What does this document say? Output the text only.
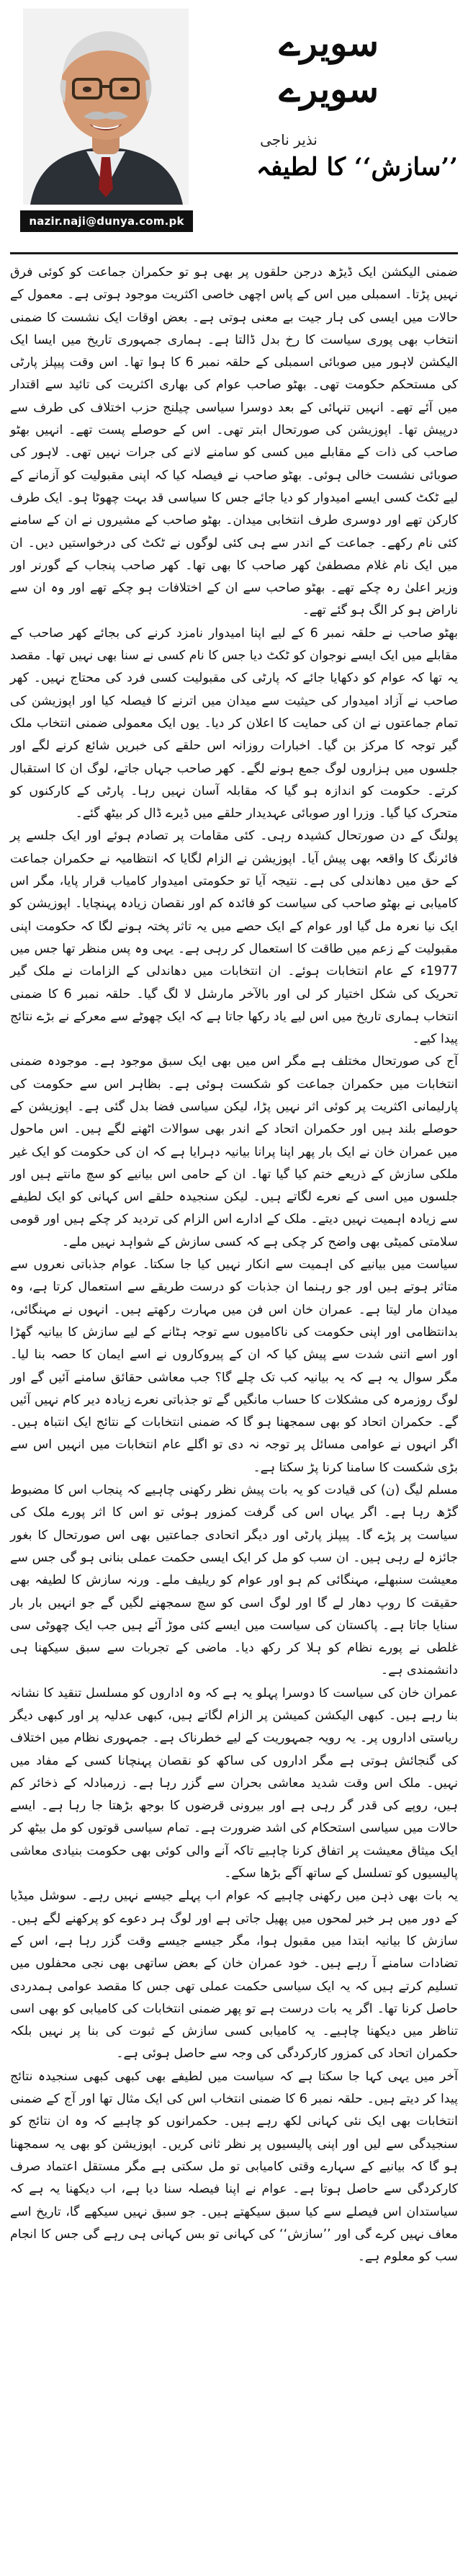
nazir.naji@dunya.com.pk
سویرے
سویرے
نذیر ناجی
’’سازش‘‘ کا لطیفہ

ضمنی الیکشن ایک ڈیڑھ درجن حلقوں پر بھی ہو تو حکمران جماعت کو کوئی فرق نہیں پڑتا۔ اسمبلی میں اس کے پاس اچھی خاصی اکثریت موجود ہوتی ہے۔ معمول کے حالات میں ایسی کی ہار جیت بے معنی ہوتی ہے۔ بعض اوقات ایک نشست کا ضمنی انتخاب بھی پوری سیاست کا رخ بدل ڈالتا ہے۔ ہماری جمہوری تاریخ میں ایسا ایک الیکشن لاہور میں صوبائی اسمبلی کے حلقہ نمبر 6 کا ہوا تھا۔ اس وقت پیپلز پارٹی کی مستحکم حکومت تھی۔ بھٹو صاحب عوام کی بھاری اکثریت کی تائید سے اقتدار میں آئے تھے۔ انہیں تنہائی کے بعد دوسرا سیاسی چیلنج حزب اختلاف کی طرف سے درپیش تھا۔ اپوزیشن کی صورتحال ابتر تھی۔ اس کے حوصلے پست تھے۔ انہیں بھٹو صاحب کی ذات کے مقابلے میں کسی کو سامنے لانے کی جرات نہیں تھی۔ لاہور کی صوبائی نشست خالی ہوئی۔ بھٹو صاحب نے فیصلہ کیا کہ اپنی مقبولیت کو آزمانے کے لیے ٹکٹ کسی ایسے امیدوار کو دیا جائے جس کا سیاسی قد بہت چھوٹا ہو۔ ایک طرف کارکن تھے اور دوسری طرف انتخابی میدان۔ بھٹو صاحب کے مشیروں نے ان کے سامنے کئی نام رکھے۔ جماعت کے اندر سے ہی کئی لوگوں نے ٹکٹ کی درخواستیں دیں۔ ان میں ایک نام غلام مصطفیٰ کھر صاحب کا بھی تھا۔ کھر صاحب پنجاب کے گورنر اور وزیر اعلیٰ رہ چکے تھے۔ بھٹو صاحب سے ان کے اختلافات ہو چکے تھے اور وہ ان سے ناراض ہو کر الگ ہو گئے تھے۔

بھٹو صاحب نے حلقہ نمبر 6 کے لیے اپنا امیدوار نامزد کرنے کی بجائے کھر صاحب کے مقابلے میں ایک ایسے نوجوان کو ٹکٹ دیا جس کا نام کسی نے سنا بھی نہیں تھا۔ مقصد یہ تھا کہ عوام کو دکھایا جائے کہ پارٹی کی مقبولیت کسی فرد کی محتاج نہیں۔ کھر صاحب نے آزاد امیدوار کی حیثیت سے میدان میں اترنے کا فیصلہ کیا اور اپوزیشن کی تمام جماعتوں نے ان کی حمایت کا اعلان کر دیا۔ یوں ایک معمولی ضمنی انتخاب ملک گیر توجہ کا مرکز بن گیا۔ اخبارات روزانہ اس حلقے کی خبریں شائع کرنے لگے اور جلسوں میں ہزاروں لوگ جمع ہونے لگے۔ کھر صاحب جہاں جاتے، لوگ ان کا استقبال کرتے۔ حکومت کو اندازہ ہو گیا کہ مقابلہ آسان نہیں رہا۔ پارٹی کے کارکنوں کو متحرک کیا گیا۔ وزرا اور صوبائی عہدیدار حلقے میں ڈیرے ڈال کر بیٹھ گئے۔

پولنگ کے دن صورتحال کشیدہ رہی۔ کئی مقامات پر تصادم ہوئے اور ایک جلسے پر فائرنگ کا واقعہ بھی پیش آیا۔ اپوزیشن نے الزام لگایا کہ انتظامیہ نے حکمران جماعت کے حق میں دھاندلی کی ہے۔ نتیجہ آیا تو حکومتی امیدوار کامیاب قرار پایا، مگر اس کامیابی نے بھٹو صاحب کی سیاست کو فائدہ کم اور نقصان زیادہ پہنچایا۔ اپوزیشن کو ایک نیا نعرہ مل گیا اور عوام کے ایک حصے میں یہ تاثر پختہ ہونے لگا کہ حکومت اپنی مقبولیت کے زعم میں طاقت کا استعمال کر رہی ہے۔ یہی وہ پس منظر تھا جس میں 1977ء کے عام انتخابات ہوئے۔ ان انتخابات میں دھاندلی کے الزامات نے ملک گیر تحریک کی شکل اختیار کر لی اور بالآخر مارشل لا لگ گیا۔ حلقہ نمبر 6 کا ضمنی انتخاب ہماری تاریخ میں اس لیے یاد رکھا جاتا ہے کہ ایک چھوٹے سے معرکے نے بڑے نتائج پیدا کیے۔

آج کی صورتحال مختلف ہے مگر اس میں بھی ایک سبق موجود ہے۔ موجودہ ضمنی انتخابات میں حکمران جماعت کو شکست ہوئی ہے۔ بظاہر اس سے حکومت کی پارلیمانی اکثریت پر کوئی اثر نہیں پڑا، لیکن سیاسی فضا بدل گئی ہے۔ اپوزیشن کے حوصلے بلند ہیں اور حکمران اتحاد کے اندر بھی سوالات اٹھنے لگے ہیں۔ اس ماحول میں عمران خان نے ایک بار پھر اپنا پرانا بیانیہ دہرایا ہے کہ ان کی حکومت کو ایک غیر ملکی سازش کے ذریعے ختم کیا گیا تھا۔ ان کے حامی اس بیانیے کو سچ مانتے ہیں اور جلسوں میں اسی کے نعرے لگاتے ہیں۔ لیکن سنجیدہ حلقے اس کہانی کو ایک لطیفے سے زیادہ اہمیت نہیں دیتے۔ ملک کے ادارے اس الزام کی تردید کر چکے ہیں اور قومی سلامتی کمیٹی بھی واضح کر چکی ہے کہ کسی سازش کے شواہد نہیں ملے۔

سیاست میں بیانیے کی اہمیت سے انکار نہیں کیا جا سکتا۔ عوام جذباتی نعروں سے متاثر ہوتے ہیں اور جو رہنما ان جذبات کو درست طریقے سے استعمال کرتا ہے، وہ میدان مار لیتا ہے۔ عمران خان اس فن میں مہارت رکھتے ہیں۔ انہوں نے مہنگائی، بدانتظامی اور اپنی حکومت کی ناکامیوں سے توجہ ہٹانے کے لیے سازش کا بیانیہ گھڑا اور اسے اتنی شدت سے پیش کیا کہ ان کے پیروکاروں نے اسے ایمان کا حصہ بنا لیا۔ مگر سوال یہ ہے کہ یہ بیانیہ کب تک چلے گا؟ جب معاشی حقائق سامنے آئیں گے اور لوگ روزمرہ کی مشکلات کا حساب مانگیں گے تو جذباتی نعرے زیادہ دیر کام نہیں آئیں گے۔ حکمران اتحاد کو بھی سمجھنا ہو گا کہ ضمنی انتخابات کے نتائج ایک انتباہ ہیں۔ اگر انہوں نے عوامی مسائل پر توجہ نہ دی تو اگلے عام انتخابات میں انہیں اس سے بڑی شکست کا سامنا کرنا پڑ سکتا ہے۔

مسلم لیگ (ن) کی قیادت کو یہ بات پیش نظر رکھنی چاہیے کہ پنجاب اس کا مضبوط گڑھ رہا ہے۔ اگر یہاں اس کی گرفت کمزور ہوئی تو اس کا اثر پورے ملک کی سیاست پر پڑے گا۔ پیپلز پارٹی اور دیگر اتحادی جماعتیں بھی اس صورتحال کا بغور جائزہ لے رہی ہیں۔ ان سب کو مل کر ایک ایسی حکمت عملی بنانی ہو گی جس سے معیشت سنبھلے، مہنگائی کم ہو اور عوام کو ریلیف ملے۔ ورنہ سازش کا لطیفہ بھی حقیقت کا روپ دھار لے گا اور لوگ اسی کو سچ سمجھنے لگیں گے جو انہیں بار بار سنایا جاتا ہے۔ پاکستان کی سیاست میں ایسے کئی موڑ آئے ہیں جب ایک چھوٹی سی غلطی نے پورے نظام کو ہلا کر رکھ دیا۔ ماضی کے تجربات سے سبق سیکھنا ہی دانشمندی ہے۔

عمران خان کی سیاست کا دوسرا پہلو یہ ہے کہ وہ اداروں کو مسلسل تنقید کا نشانہ بنا رہے ہیں۔ کبھی الیکشن کمیشن پر الزام لگاتے ہیں، کبھی عدلیہ پر اور کبھی دیگر ریاستی اداروں پر۔ یہ رویہ جمہوریت کے لیے خطرناک ہے۔ جمہوری نظام میں اختلاف کی گنجائش ہوتی ہے مگر اداروں کی ساکھ کو نقصان پہنچانا کسی کے مفاد میں نہیں۔ ملک اس وقت شدید معاشی بحران سے گزر رہا ہے۔ زرمبادلہ کے ذخائر کم ہیں، روپے کی قدر گر رہی ہے اور بیرونی قرضوں کا بوجھ بڑھتا جا رہا ہے۔ ایسے حالات میں سیاسی استحکام کی اشد ضرورت ہے۔ تمام سیاسی قوتوں کو مل بیٹھ کر ایک میثاق معیشت پر اتفاق کرنا چاہیے تاکہ آنے والی کوئی بھی حکومت بنیادی معاشی پالیسیوں کو تسلسل کے ساتھ آگے بڑھا سکے۔

یہ بات بھی ذہن میں رکھنی چاہیے کہ عوام اب پہلے جیسے نہیں رہے۔ سوشل میڈیا کے دور میں ہر خبر لمحوں میں پھیل جاتی ہے اور لوگ ہر دعوے کو پرکھنے لگے ہیں۔ سازش کا بیانیہ ابتدا میں مقبول ہوا، مگر جیسے جیسے وقت گزر رہا ہے، اس کے تضادات سامنے آ رہے ہیں۔ خود عمران خان کے بعض ساتھی بھی نجی محفلوں میں تسلیم کرتے ہیں کہ یہ ایک سیاسی حکمت عملی تھی جس کا مقصد عوامی ہمدردی حاصل کرنا تھا۔ اگر یہ بات درست ہے تو پھر ضمنی انتخابات کی کامیابی کو بھی اسی تناظر میں دیکھنا چاہیے۔ یہ کامیابی کسی سازش کے ثبوت کی بنا پر نہیں بلکہ حکمران اتحاد کی کمزور کارکردگی کی وجہ سے حاصل ہوئی ہے۔

آخر میں یہی کہا جا سکتا ہے کہ سیاست میں لطیفے بھی کبھی کبھی سنجیدہ نتائج پیدا کر دیتے ہیں۔ حلقہ نمبر 6 کا ضمنی انتخاب اس کی ایک مثال تھا اور آج کے ضمنی انتخابات بھی ایک نئی کہانی لکھ رہے ہیں۔ حکمرانوں کو چاہیے کہ وہ ان نتائج کو سنجیدگی سے لیں اور اپنی پالیسیوں پر نظر ثانی کریں۔ اپوزیشن کو بھی یہ سمجھنا ہو گا کہ بیانیے کے سہارے وقتی کامیابی تو مل سکتی ہے مگر مستقل اعتماد صرف کارکردگی سے حاصل ہوتا ہے۔ عوام نے اپنا فیصلہ سنا دیا ہے، اب دیکھنا یہ ہے کہ سیاستدان اس فیصلے سے کیا سبق سیکھتے ہیں۔ جو سبق نہیں سیکھے گا، تاریخ اسے معاف نہیں کرے گی اور ’’سازش‘‘ کی کہانی تو بس کہانی ہی رہے گی جس کا انجام سب کو معلوم ہے۔
